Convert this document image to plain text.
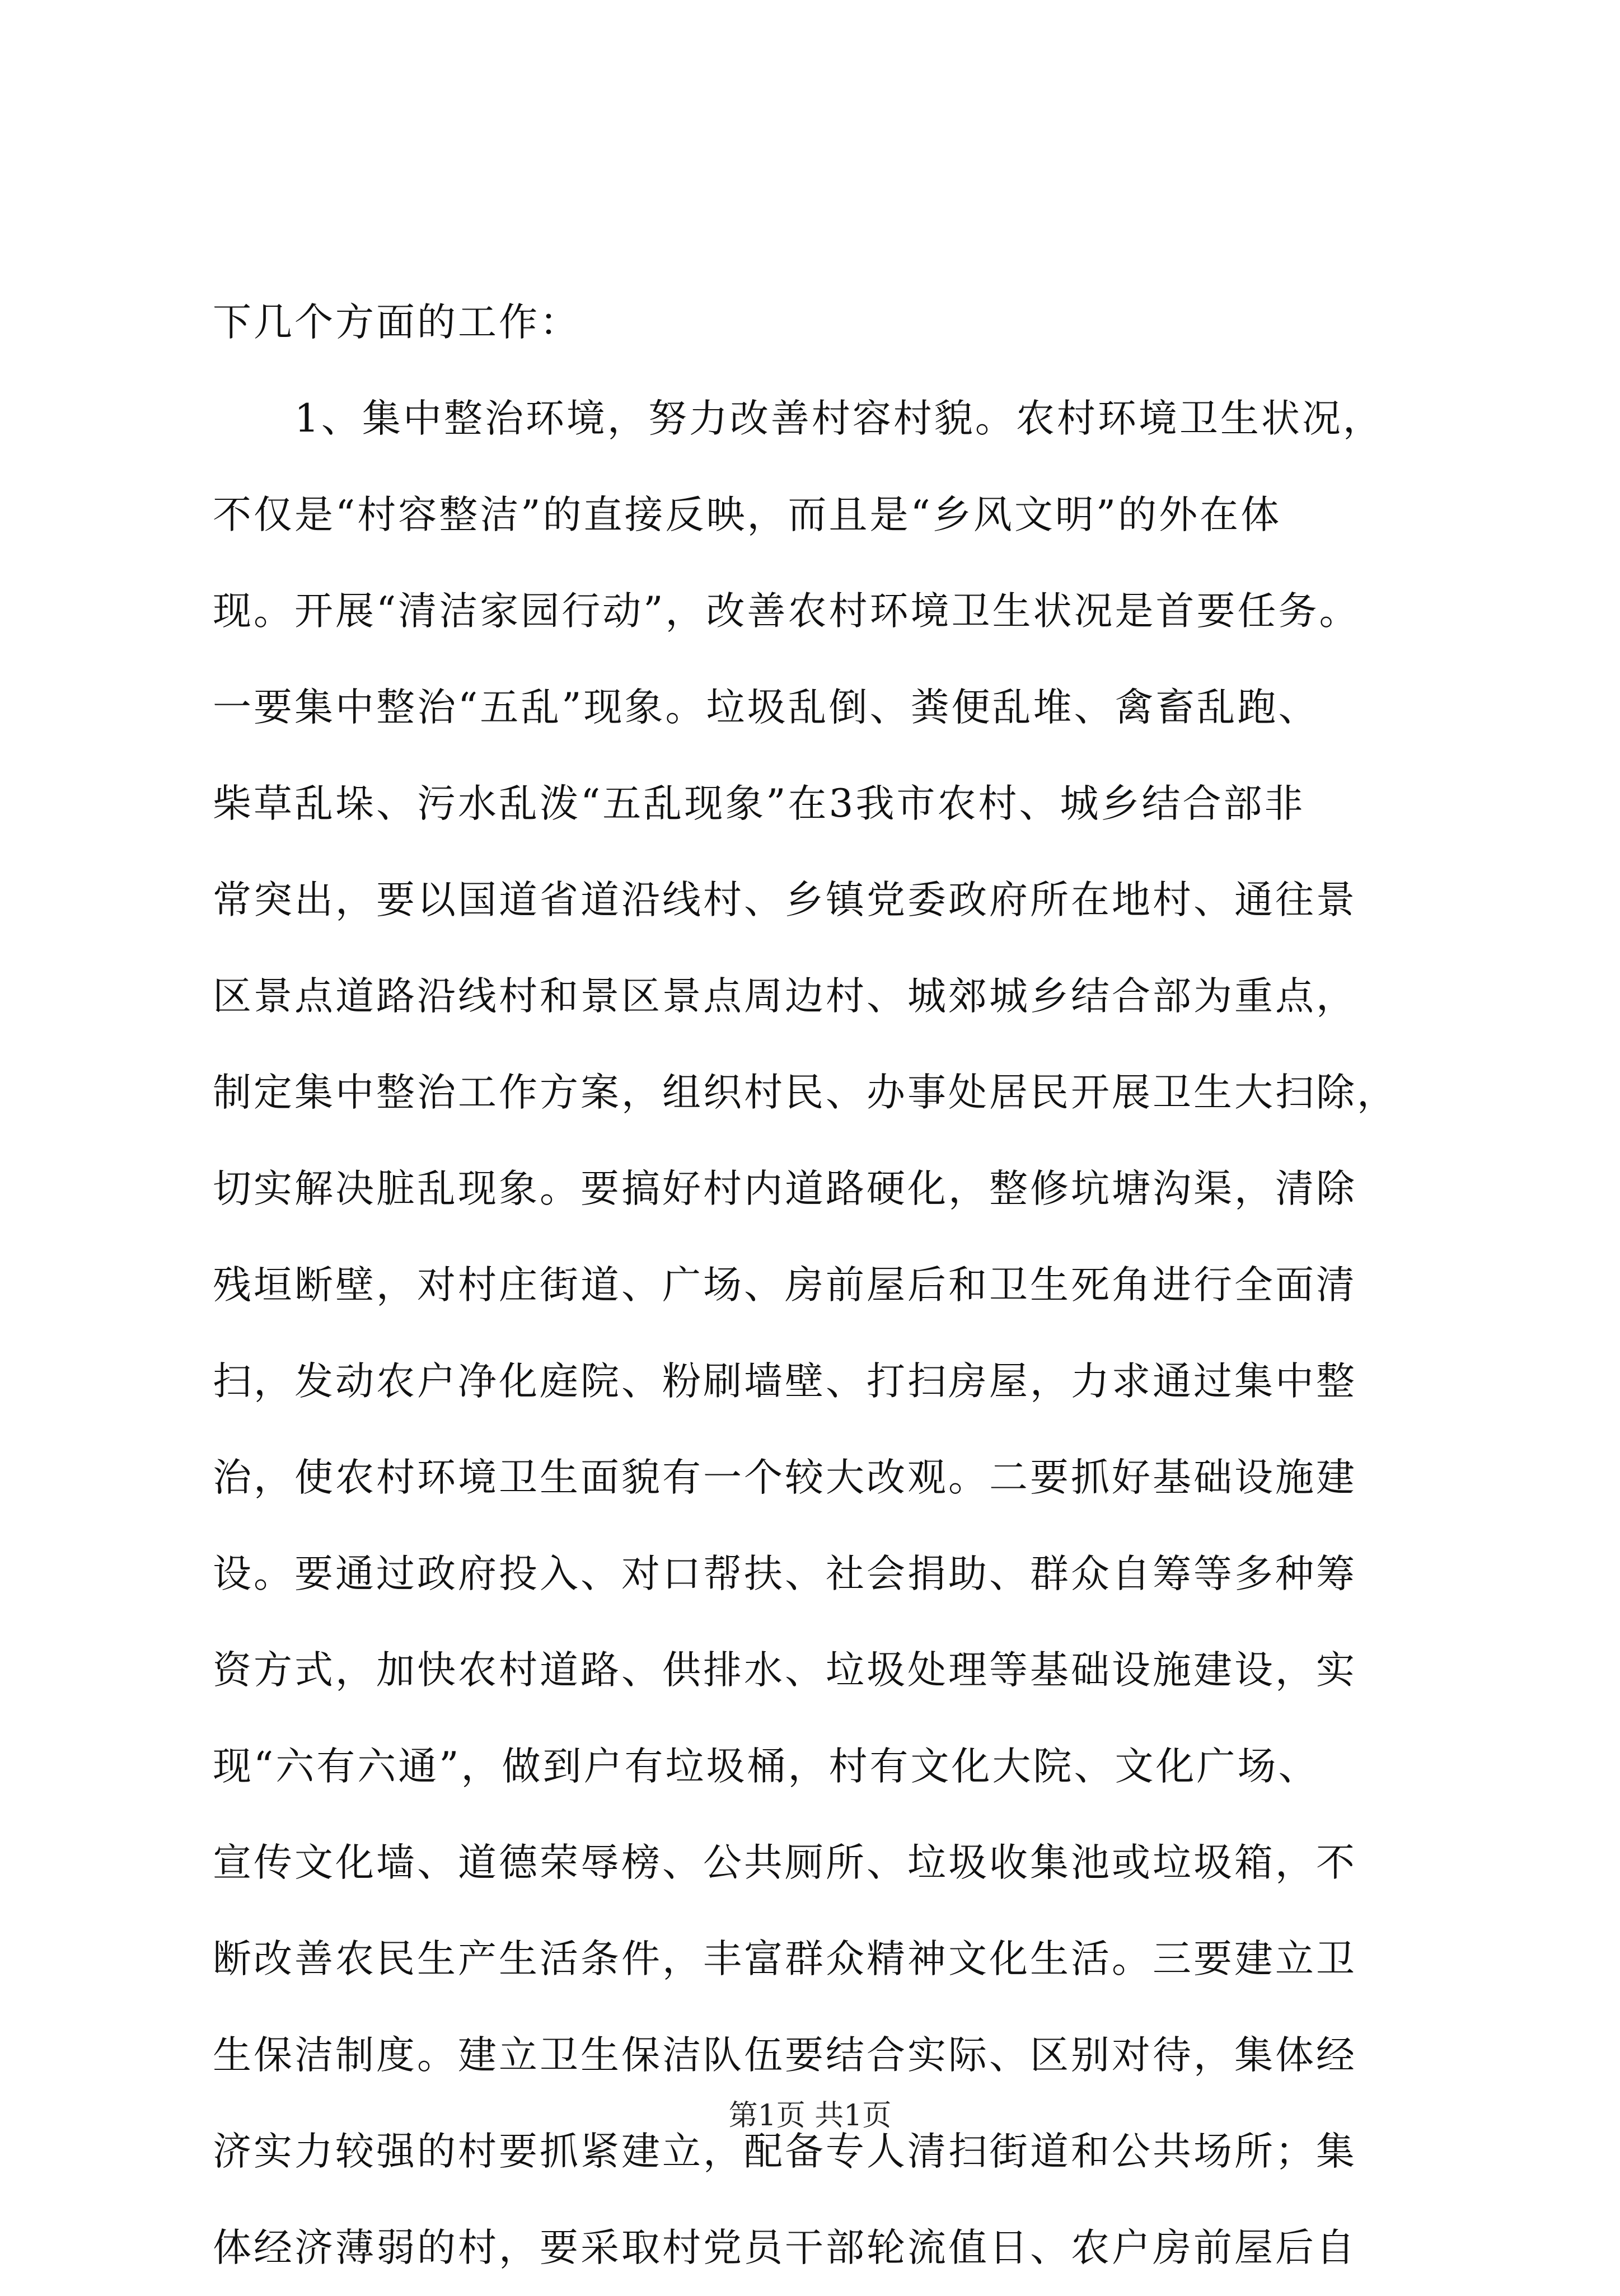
下几个方面的工作：
　　1、集中整治环境，努力改善村容村貌。农村环境卫生状况，
不仅是“村容整洁”的直接反映，而且是“乡风文明”的外在体
现。开展“清洁家园行动”，改善农村环境卫生状况是首要任务。
一要集中整治“五乱”现象。垃圾乱倒、粪便乱堆、禽畜乱跑、
柴草乱垛、污水乱泼“五乱现象”在3我市农村、城乡结合部非
常突出，要以国道省道沿线村、乡镇党委政府所在地村、通往景
区景点道路沿线村和景区景点周边村、城郊城乡结合部为重点，
制定集中整治工作方案，组织村民、办事处居民开展卫生大扫除，
切实解决脏乱现象。要搞好村内道路硬化，整修坑塘沟渠，清除
残垣断壁，对村庄街道、广场、房前屋后和卫生死角进行全面清
扫，发动农户净化庭院、粉刷墙壁、打扫房屋，力求通过集中整
治，使农村环境卫生面貌有一个较大改观。二要抓好基础设施建
设。要通过政府投入、对口帮扶、社会捐助、群众自筹等多种筹
资方式，加快农村道路、供排水、垃圾处理等基础设施建设，实
现“六有六通”，做到户有垃圾桶，村有文化大院、文化广场、
宣传文化墙、道德荣辱榜、公共厕所、垃圾收集池或垃圾箱，不
断改善农民生产生活条件，丰富群众精神文化生活。三要建立卫
生保洁制度。建立卫生保洁队伍要结合实际、区别对待，集体经
济实力较强的村要抓紧建立，配备专人清扫街道和公共场所；集
体经济薄弱的村，要采取村党员干部轮流值日、农户房前屋后自
第1页 共1页
